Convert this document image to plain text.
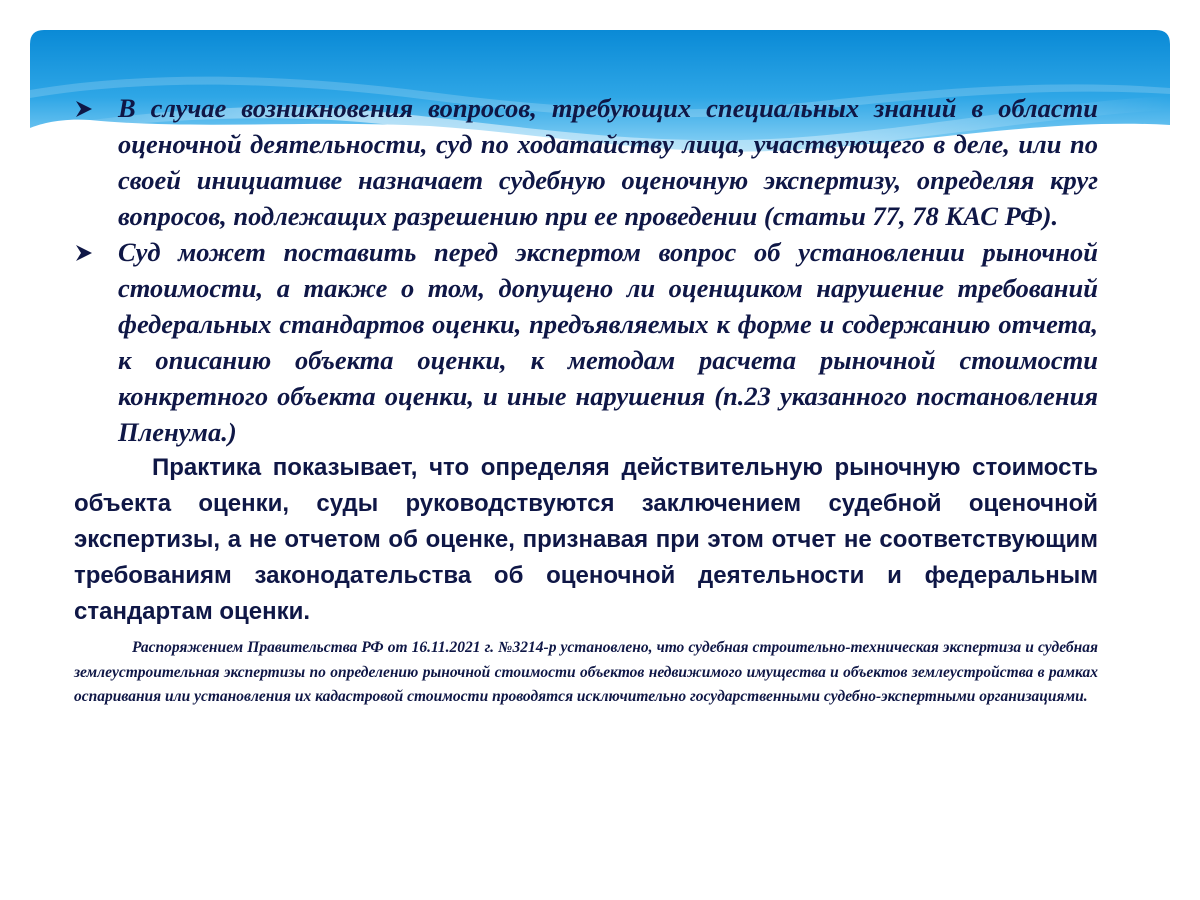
В случае возникновения вопросов, требующих специальных знаний в области оценочной деятельности, суд по ходатайству лица, участвующего в деле, или по своей инициативе назначает судебную оценочную экспертизу, определяя круг вопросов, подлежащих разрешению при ее проведении (статьи 77, 78 КАС РФ).

Суд может поставить перед экспертом вопрос об установлении рыночной стоимости, а также о том, допущено ли оценщиком нарушение требований федеральных стандартов оценки, предъявляемых к форме и содержанию отчета, к описанию объекта оценки, к методам расчета рыночной стоимости конкретного объекта оценки, и иные нарушения (п.23 указанного постановления Пленума.)

Практика показывает, что определяя действительную рыночную стоимость объекта оценки, суды руководствуются заключением судебной оценочной экспертизы, а не отчетом об оценке, признавая при этом отчет не соответствующим требованиям законодательства об оценочной деятельности и федеральным стандартам оценки.

Распоряжением Правительства РФ от 16.11.2021 г. №3214-р установлено, что судебная строительно-техническая экспертиза и судебная землеустроительная экспертизы по определению рыночной стоимости объектов недвижимого имущества и объектов землеустройства в рамках оспаривания или установления их кадастровой стоимости проводятся исключительно государственными судебно-экспертными организациями.
